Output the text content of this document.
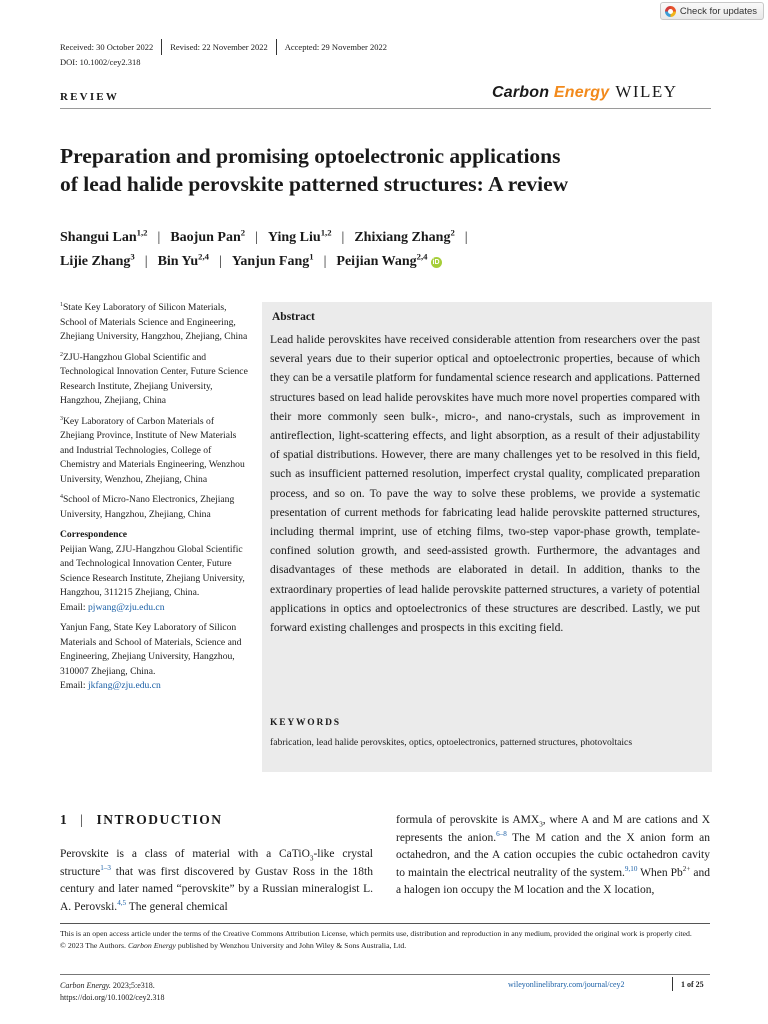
Check for updates
Received: 30 October 2022	Revised: 22 November 2022	Accepted: 29 November 2022
DOI: 10.1002/cey2.318
REVIEW	Carbon Energy WILEY
Preparation and promising optoelectronic applications
of lead halide perovskite patterned structures: A review
Shangui Lan$^{1,2}$ | Baojun Pan$^2$ | Ying Liu$^{1,2}$ | Zhixiang Zhang$^2$ |
Lijie Zhang$^3$ | Bin Yu$^{2,4}$ | Yanjun Fang$^1$ | Peijian Wang$^{2,4}$iD

$^1$State Key Laboratory of Silicon Materials, School of Materials Science and Engineering, Zhejiang University, Hangzhou, Zhejiang, China

$^2$ZJU-Hangzhou Global Scientific and Technological Innovation Center, Future Science Research Institute, Zhejiang University, Hangzhou, Zhejiang, China

$^3$Key Laboratory of Carbon Materials of Zhejiang Province, Institute of New Materials and Industrial Technologies, College of Chemistry and Materials Engineering, Wenzhou University, Wenzhou, Zhejiang, China

$^4$School of Micro-Nano Electronics, Zhejiang University, Hangzhou, Zhejiang, China

Correspondence

Peijian Wang, ZJU-Hangzhou Global Scientific and Technological Innovation Center, Future Science Research Institute, Zhejiang University, Hangzhou, 311215 Zhejiang, China.
Email: pjwang@zju.edu.cn

Yanjun Fang, State Key Laboratory of Silicon Materials and School of Materials, Science and Engineering, Zhejiang University, Hangzhou, 310007 Zhejiang, China.
Email: jkfang@zju.edu.cn

Abstract
Lead halide perovskites have received considerable attention from researchers over the past several years due to their superior optical and optoelectronic properties, because of which they can be a versatile platform for fundamental science research and applications. Patterned structures based on lead halide perovskites have much more novel properties compared with their more commonly seen bulk-, micro-, and nano-crystals, such as improvement in antireflection, light-scattering effects, and light absorption, as a result of their adjustability of spatial distributions. However, there are many challenges yet to be resolved in this field, such as insufficient patterned resolution, imperfect crystal quality, complicated preparation process, and so on. To pave the way to solve these problems, we provide a systematic presentation of current methods for fabricating lead halide perovskite patterned structures, including thermal imprint, use of etching films, two-step vapor-phase growth, template-confined solution growth, and seed-assisted growth. Furthermore, the advantages and disadvantages of these methods are elaborated in detail. In addition, thanks to the extraordinary properties of lead halide perovskite patterned structures, a variety of potential applications in optics and optoelectronics of these structures are described. Lastly, we put forward existing challenges and prospects in this exciting field.
KEYWORDS
fabrication, lead halide perovskites, optics, optoelectronics, patterned structures, photovoltaics
1 | INTRODUCTION
Perovskite is a class of material with a CaTiO$_3$-like crystal structure$^{1-3}$ that was first discovered by Gustav Ross in the 18th century and later named “perovskite” by a Russian mineralogist L. A. Perovski.$^{4,5}$ The general chemical
formula of perovskite is $AMX_3$, where A and M are cations and X represents the anion.$^{6-8}$ The M cation and the X anion form an octahedron, and the A cation occupies the cubic octahedron cavity to maintain the electrical neutrality of the system.$^{9,10}$ When $Pb^{2+}$ and a halogen ion occupy the M location and the X location,
This is an open access article under the terms of the Creative Commons Attribution License, which permits use, distribution and reproduction in any medium, provided the original work is properly cited.
© 2023 The Authors. Carbon Energy published by Wenzhou University and John Wiley & Sons Australia, Ltd.
Carbon Energy. 2023;5:e318.
https://doi.org/10.1002/cey2.318
wileyonlinelibrary.com/journal/cey2	1 of 25
